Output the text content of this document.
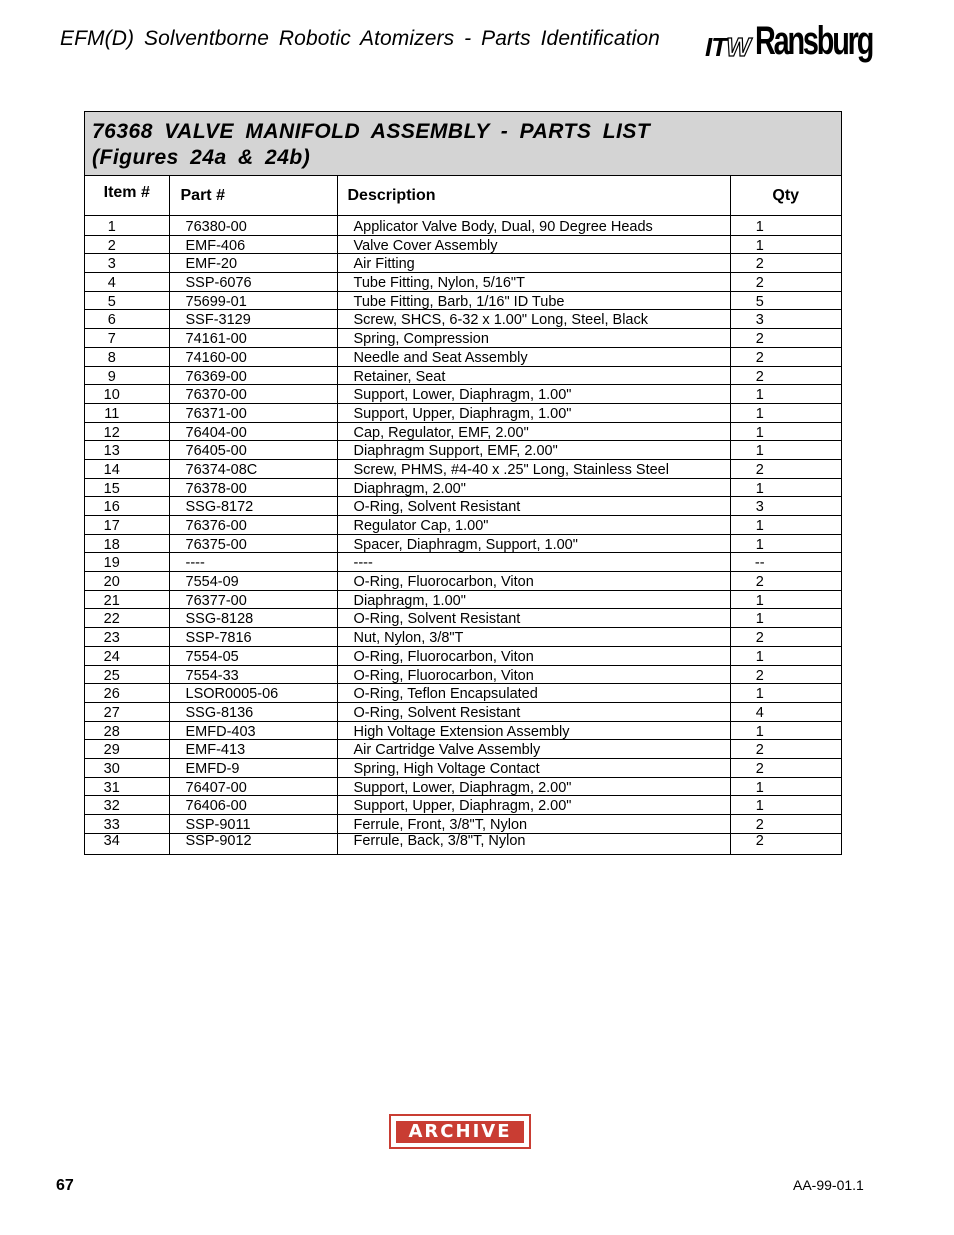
EFM(D) Solventborne Robotic Atomizers - Parts Identification ITW Ransburg
76368 VALVE MANIFOLD ASSEMBLY - PARTS LIST
(Figures 24a & 24b)
Item #	Part #	Description	Qty
1	76380-00	Applicator Valve Body, Dual, 90 Degree Heads	1
2	EMF-406	Valve Cover Assembly	1
3	EMF-20	Air Fitting	2
4	SSP-6076	Tube Fitting, Nylon, 5/16"T	2
5	75699-01	Tube Fitting, Barb, 1/16" ID Tube	5
6	SSF-3129	Screw, SHCS, 6-32 x 1.00" Long, Steel, Black	3
7	74161-00	Spring, Compression	2
8	74160-00	Needle and Seat Assembly	2
9	76369-00	Retainer, Seat	2
10	76370-00	Support, Lower, Diaphragm, 1.00"	1
11	76371-00	Support, Upper, Diaphragm, 1.00"	1
12	76404-00	Cap, Regulator, EMF, 2.00"	1
13	76405-00	Diaphragm Support, EMF, 2.00"	1
14	76374-08C	Screw, PHMS, #4-40 x .25" Long, Stainless Steel	2
15	76378-00	Diaphragm, 2.00"	1
16	SSG-8172	O-Ring, Solvent Resistant	3
17	76376-00	Regulator Cap, 1.00"	1
18	76375-00	Spacer, Diaphragm, Support, 1.00"	1
19	----	----	--
20	7554-09	O-Ring, Fluorocarbon, Viton	2
21	76377-00	Diaphragm, 1.00"	1
22	SSG-8128	O-Ring, Solvent Resistant	1
23	SSP-7816	Nut, Nylon, 3/8"T	2
24	7554-05	O-Ring, Fluorocarbon, Viton	1
25	7554-33	O-Ring, Fluorocarbon, Viton	2
26	LSOR0005-06	O-Ring, Teflon Encapsulated	1
27	SSG-8136	O-Ring, Solvent Resistant	4
28	EMFD-403	High Voltage Extension Assembly	1
29	EMF-413	Air Cartridge Valve Assembly	2
30	EMFD-9	Spring, High Voltage Contact	2
31	76407-00	Support, Lower, Diaphragm, 2.00"	1
32	76406-00	Support, Upper, Diaphragm, 2.00"	1
33	SSP-9011	Ferrule, Front, 3/8"T, Nylon	2
34	SSP-9012	Ferrule, Back, 3/8"T, Nylon	2
ARCHIVE
67	AA-99-01.1
